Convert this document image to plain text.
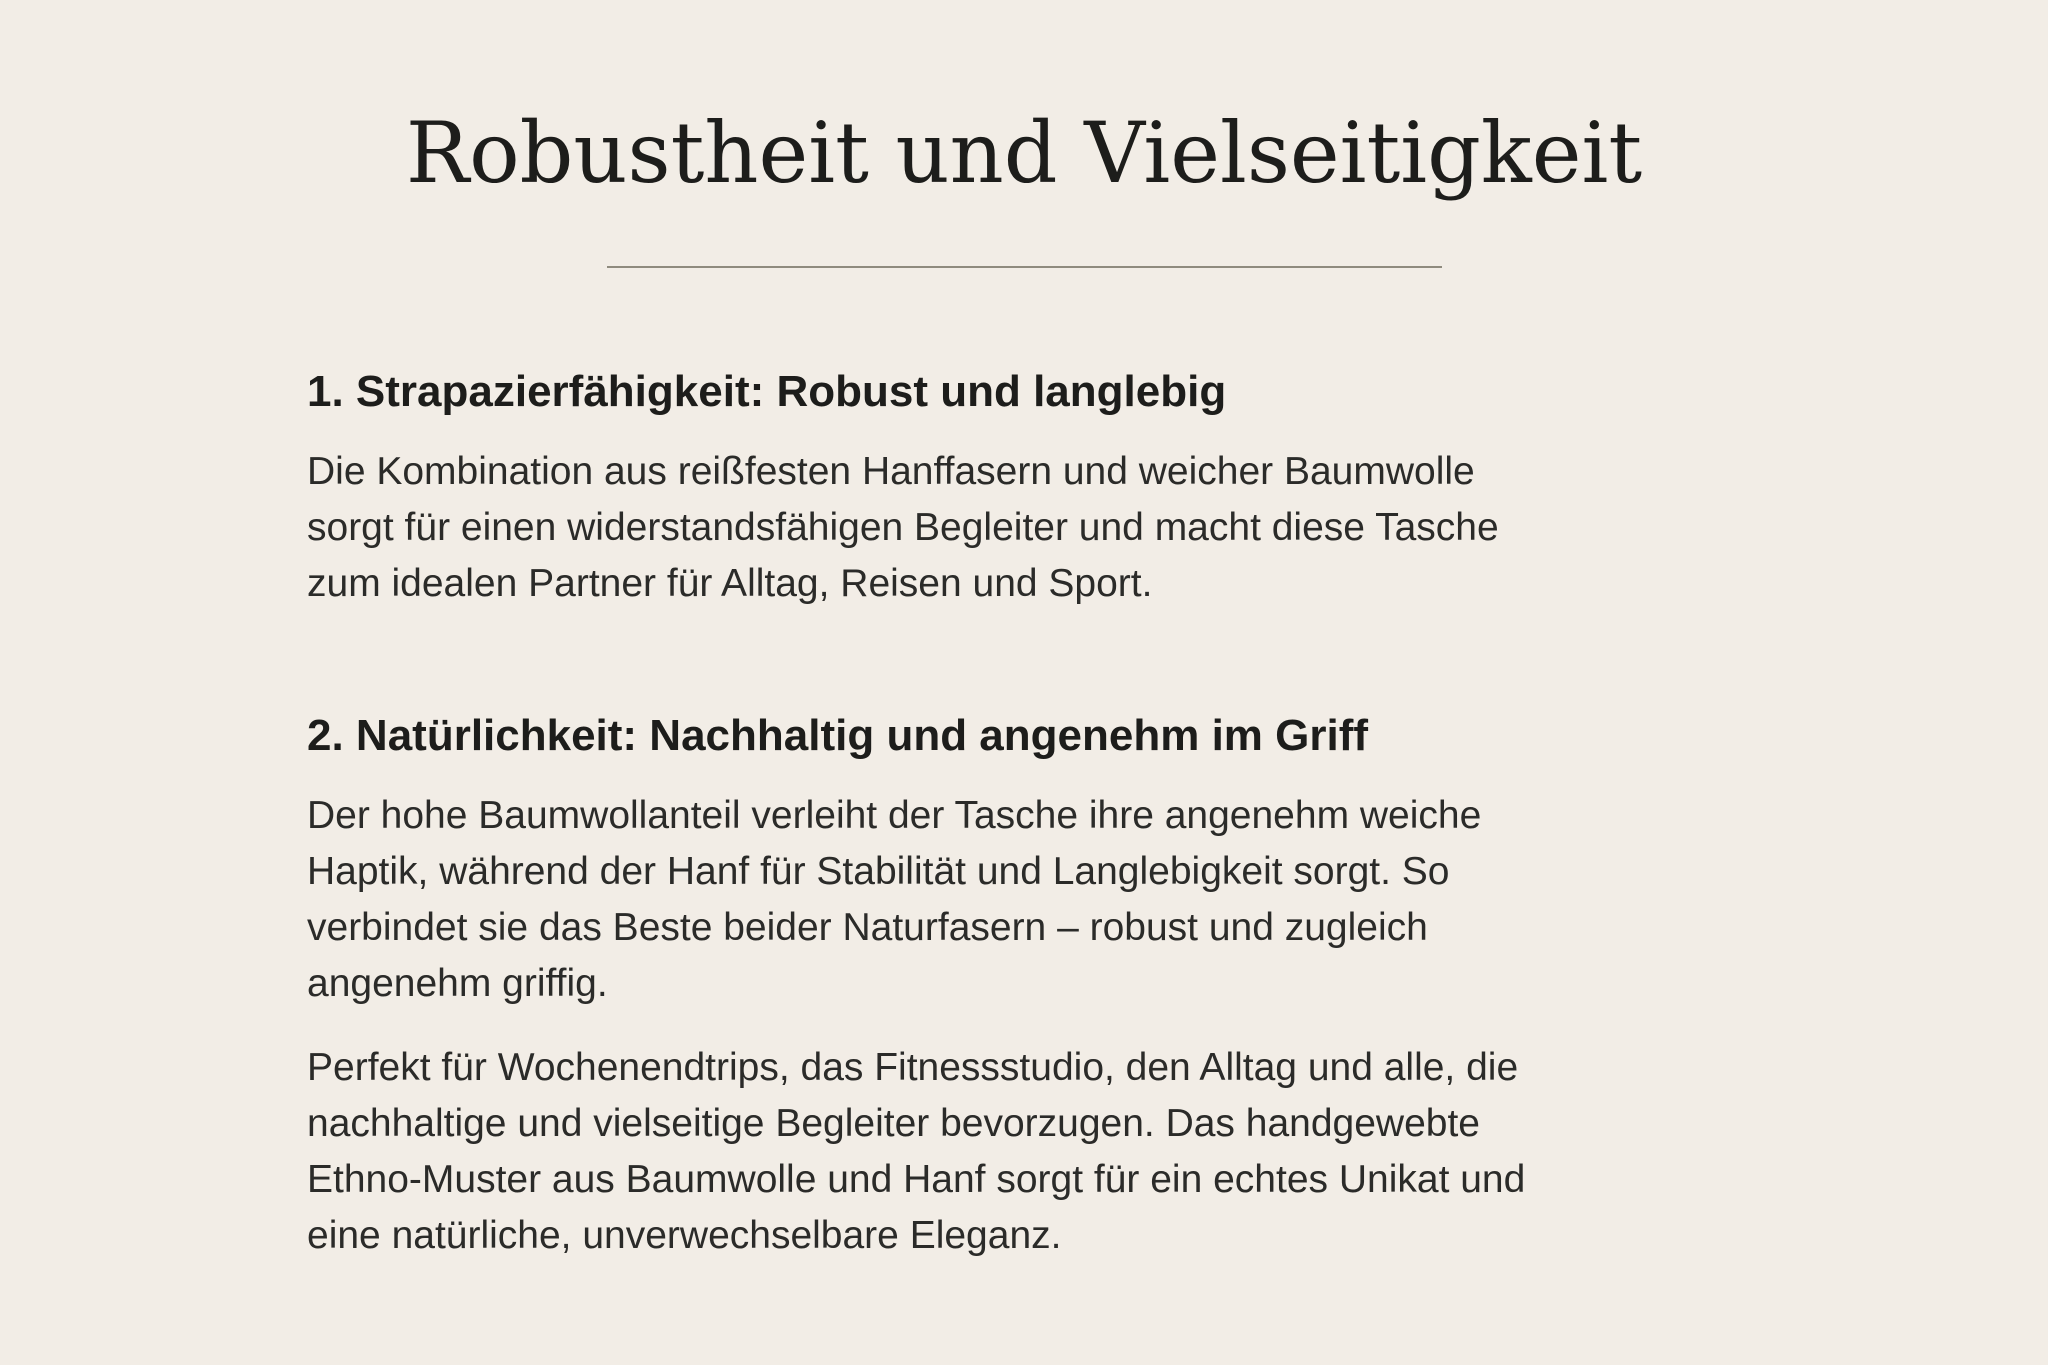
Robustheit und Vielseitigkeit
1. Strapazierfähigkeit: Robust und langlebig

Die Kombination aus reißfesten Hanffasern und weicher Baumwolle sorgt für einen widerstandsfähigen Begleiter und macht diese Tasche zum idealen Partner für Alltag, Reisen und Sport.

2. Natürlichkeit: Nachhaltig und angenehm im Griff

Der hohe Baumwollanteil verleiht der Tasche ihre angenehm weiche Haptik, während der Hanf für Stabilität und Langlebigkeit sorgt. So verbindet sie das Beste beider Naturfasern – robust und zugleich angenehm griffig.

Perfekt für Wochenendtrips, das Fitnessstudio, den Alltag und alle, die nachhaltige und vielseitige Begleiter bevorzugen. Das handgewebte Ethno-Muster aus Baumwolle und Hanf sorgt für ein echtes Unikat und eine natürliche, unverwechselbare Eleganz.
